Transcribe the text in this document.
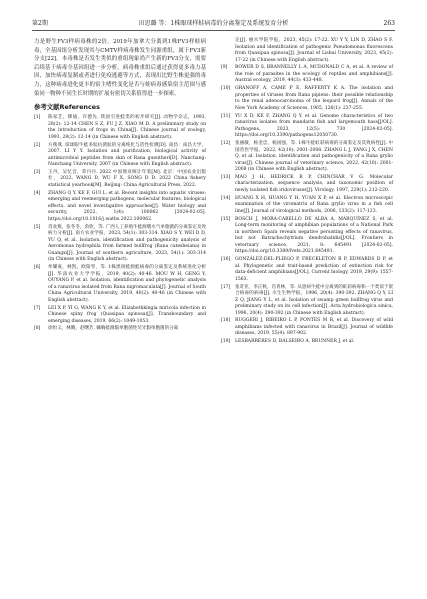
第2期	田思璐 等：1株眼球样蛙病毒的分离鉴定及系统发育分析	263

力是野生FV3样病毒株的2倍。2019年加拿大分离到1株FV3样蛙病毒，全基因组分析发现其与CMTV样病毒株发生同源重组，属于FV3新分支[22]。本毒株是否发生类似的重组现象尚产生新的FV3分支，需要后续基于病毒全基因组进一步分析。病毒株重组后通过获得更多毒力基因，加快病毒复制或者进行免疫逃避等方式，表现出比野生株更强的毒力，这种病毒进化更丰的宿主嗜性变化是否与蛙病毒感染宿主范围与感染同一物种不同生长时期的扩展有密切关系值得进一步探索。

参考文献References

[1] 陈家艺，缪通，许德先. 我国引进蛙类的初步研究[J]. 动物学杂志，1993, 28(2): 12-14 CHEN S Z, FU J Z, XIAO M D. A preliminary study on the introduction of frogs in China[J]. Chinese journal of zoology, 1993, 28(2): 12-14 (in Chinese with English abstract).

[2] 方燕燕. 琼球眼牛蛙多肽抗菌肽的分离纯化与活性检测[D]. 南昌：南昌大学，2007. LI Y Y. Isolation and purification, biological activity of antimicrobial peptides from skin of Rana guentheri[D]. Nanchang: Nanchang University, 2007 (in Chinese with English abstract).

[3] 王丹，吴忆音，荣丹丹. 2022 中国渔业统计年鉴[M]. 北京：中国农业出版社，2022. WANG D, WU F X, SONG D D. 2022 China fishery statistical yearbook[M]. Beijing: China Agricultural Press, 2022.

[4] ZHANG Q Y, KE F, GUI L, et al. Recent insights into aquatic viruses: emerging and reemerging pathogens, molecular features, biological effects, and novel investigative approaches[J]. Water biology and security, 2022, 1(4): 100062 [2024-02-05]. https://doi.org/10.1016/j.watbs.2022.100062.

[5] 肖欢燕，张冬冬，余欣，等. 广西人工养殖牛蛙源嗜水气单胞菌的分离鉴定及致病力分析[J]. 南方农业学报，2023, 54(1): 303-314. XIAO S Y, WEI D D, YU Q, et al. Isolation, identification and pathogenicity analysis of Aeromonas hydrophila from farmed bullfrog (Rana catesbeiana) in Guangxi[J]. Journal of southern agriculture, 2023, 54(1): 303-314 (in Chinese with English abstract).

[6] 牟耀豪，林凯，欧阳琴，等. 1株黑斑蛙源蛙病毒的分离鉴定及系统进化分析[J]. 华南农业大学学报，2019, 40(2): 40-46. MOU W H, GENG Y, OUYANG P, et al. Isolation, identification and phylogenetic analysis of a ranavirus isolated from Rana nigromaculata[J]. Journal of South China Agricultural University, 2019, 40(2): 40-46 (in Chinese with English abstract).

[7] LEI X P, YI G, WANG K Y, et al. Elizabethkingia miricola infection in Chinese spiny frog (Quasipaa spinosa)[J]. Transboundary and emerging diseases, 2019, 66(2): 1049-1053.

[8] 徐恒义，林腾，赵曙芳. 棘胸蛙源假单胞菌性荧光假单胞菌的分离

定[J]. 丽水学院学报，2023, 45(2): 17-22. XU Y Y, LIN D, ZHAO S F. Isolation and identification of pathogenic Pseudomonas fluorescens from Quasipaa spinosa[J]. Journal of Lishui University, 2023, 45(2): 17-22 (in Chinese with English abstract).

[9] BOWER D S, BRANNELLY L A, MCDONALD C A, et al. A review of the role of parasites in the ecology of reptiles and amphibians[J]. Austral ecology, 2019, 44(3): 433-448.

[10] GRANOFF A, CAME P E, RAFFERTY K A. The isolation and properties of viruses from Rana pipiens: their possible relationship to the renal adenocarcinoma of the leopard frog[J]. Annals of the New York Academy of Sciences, 1965, 126(1): 237-255.

[11] YU X D, KE F, ZHANG Q Y, et al. Genome characteristics of two ranavirus isolates from mandarin fish and largemouth bass[J/OL]. Pathogens, 2023, 12(5): 730 [2024-02-05]. https://doi.org/10.3390/pathogens12050730.

[12] 张丽敏，杨金忠，杨国强，等. 1株牛蛙虹彩病毒的分离鉴定及其致病性[J]. 中国兽医学报，2022, 42(10): 2001-2008. ZHANG L J, YANG J X, CHEN Q, et al. Isolation, identification and pathogenicity of a Rana grylio virus[J]. Chinese journal of veterinary science, 2022, 42(10): 2001-2008 (in Chinese with English abstract).

[13] MAO J H, HEDRICK R P, CHINCHAR V G. Molecular characterization, sequence analysis, and taxonomic position of newly isolated fish iridoviruses[J]. Virology, 1997, 229(1): 212-220.

[14] HUANG X H, HUANG Y H, YUAN X P, et al. Electron microscopic examination of the viromatrix of Rana grylio virus in a fish cell line[J]. Journal of virological methods, 2006, 133(2): 117-123.

[15] BOSCH J, MORA-CABELLO DE ALBA A, MARQUÍNEZ S, et al. Long-term monitoring of amphibian populations of a National Park in northern Spain reveals negative persisting effects of ranavirus, but not Batrachochytrium dendrobatidis[J/OL]. Frontiers in veterinary science, 2021, 8: 645491 [2024-02-05]. https://doi.org/10.3389/fvets.2021.645491.

[16] GONZÁLEZ-DEL-PLIEGO P, FRECKLETON R P, EDWARDS D P, et al. Phylogenetic and trait-based prediction of extinction risk for data-deficient amphibians[J/OL]. Current biology, 2019, 29(9): 1557-1563.

[17] 张奇亚，李正秋，肖青林，等. 从患病牛蛙中分离到的虹彩病毒和一个类似于嵌合病毒的病毒[J]. 水生生物学报，1996, 20(4): 390-392. ZHANG Q Y, LI Z Q, JIANG Y L, et al. Isolation of swamp green bullfrog virus and preliminary study on its cell infection[J]. Acta hydrobiologica sinica, 1996, 20(4): 390-392 (in Chinese with English abstract).

[18] RUGGERI J, RIBEIRO L P, PONTES M R, et al. Discovery of wild amphibians infected with ranavirus in Brazil[J]. Journal of wildlife diseases, 2019, 55(4): 897-902.

[19] LESBARRÈRES D, BALSEIRO A, BRUNNER J, et al.
